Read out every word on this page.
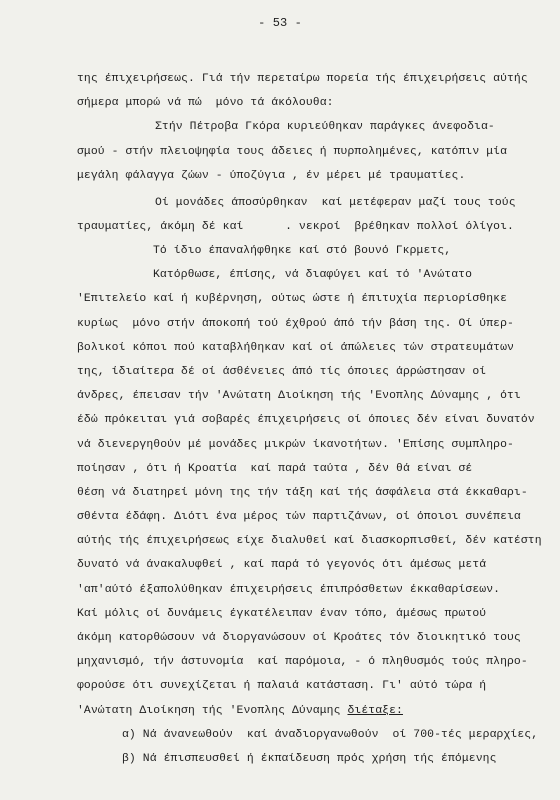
- 53 -
της έπιχειρήσεως. Γιά τήν περεταίρω πορεία τής έπιχειρήσεις αύτής
σήμερα μπορώ νά πώ  μόνο τά άκόλουθα:
Στήν Πέτροβα Γκόρα κυριεύθηκαν παράγκες άνεφοδια-
σμού - στήν πλειοψηφία τους άδειες ή πυρπολημένες, κατόπιν μία
μεγάλη φάλαγγα ζώων - ύποζύγια , έν μέρει μέ τραυματίες.
Οί μονάδες άποσύρθηκαν  καί μετέφεραν μαζί τους τούς
τραυματίες, άκόμη δέ καί      . νεκροί  βρέθηκαν πολλοί όλίγοι.
Τό ίδιο έπαναλήφθηκε καί στό βουνό Γκρμετς,
Κατόρθωσε, έπίσης, νά διαφύγει καί τό 'Ανώτατο
'Επιτελείο καί ή κυβέρνηση, ούτως ώστε ή έπιτυχία περιορίσθηκε
κυρίως  μόνο στήν άποκοπή τού έχθρού άπό τήν βάση της. Οί ύπερ-
βολικοί κόποι πού καταβλήθηκαν καί οί άπώλειες τών στρατευμάτων
της, ίδιαίτερα δέ οί άσθένειες άπό τίς όποιες άρρώστησαν οί
άνδρες, έπεισαν τήν 'Ανώτατη Διοίκηση τής 'Ενοπλης Δύναμης , ότι
έδώ πρόκειται γιά σοβαρές έπιχειρήσεις οί όποιες δέν είναι δυνατόν
νά διενεργηθούν μέ μονάδες μικρών ίκανοτήτων. 'Επίσης συμπληρο-
ποίησαν , ότι ή Κροατία  καί παρά ταύτα , δέν θά είναι σέ
θέση νά διατηρεί μόνη της τήν τάξη καί τής άσφάλεια στά έκκαθαρι-
σθέντα έδάφη. Διότι ένα μέρος τών παρτιζάνων, οί όποιοι συνέπεια
αύτής τής έπιχειρήσεως είχε διαλυθεί καί διασκορπισθεί, δέν κατέστη
δυνατό νά άνακαλυφθεί , καί παρά τό γεγονός ότι άμέσως μετά
'απ'αύτό έξαπολύθηκαν έπιχειρήσεις έπιπρόσθετων έκκαθαρίσεων.
Καί μόλις οί δυνάμεις έγκατέλειπαν έναν τόπο, άμέσως πρωτού
άκόμη κατορθώσουν νά διοργανώσουν οί Κροάτες τόν διοικητικό τους
μηχανισμό, τήν άστυνομία  καί παρόμοια, - ό πληθυσμός τούς πληρο-
φορούσε ότι συνεχίζεται ή παλαιά κατάσταση. Γι' αύτό τώρα ή
'Ανώτατη Διοίκηση τής 'Ενοπλης Δύναμης διέταξε:
α) Νά άνανεωθούν  καί άναδιοργανωθούν  οί 700-τές μεραρχίες,
β) Νά έπισπευσθεί ή έκπαίδευση πρός χρήση τής έπόμενης
